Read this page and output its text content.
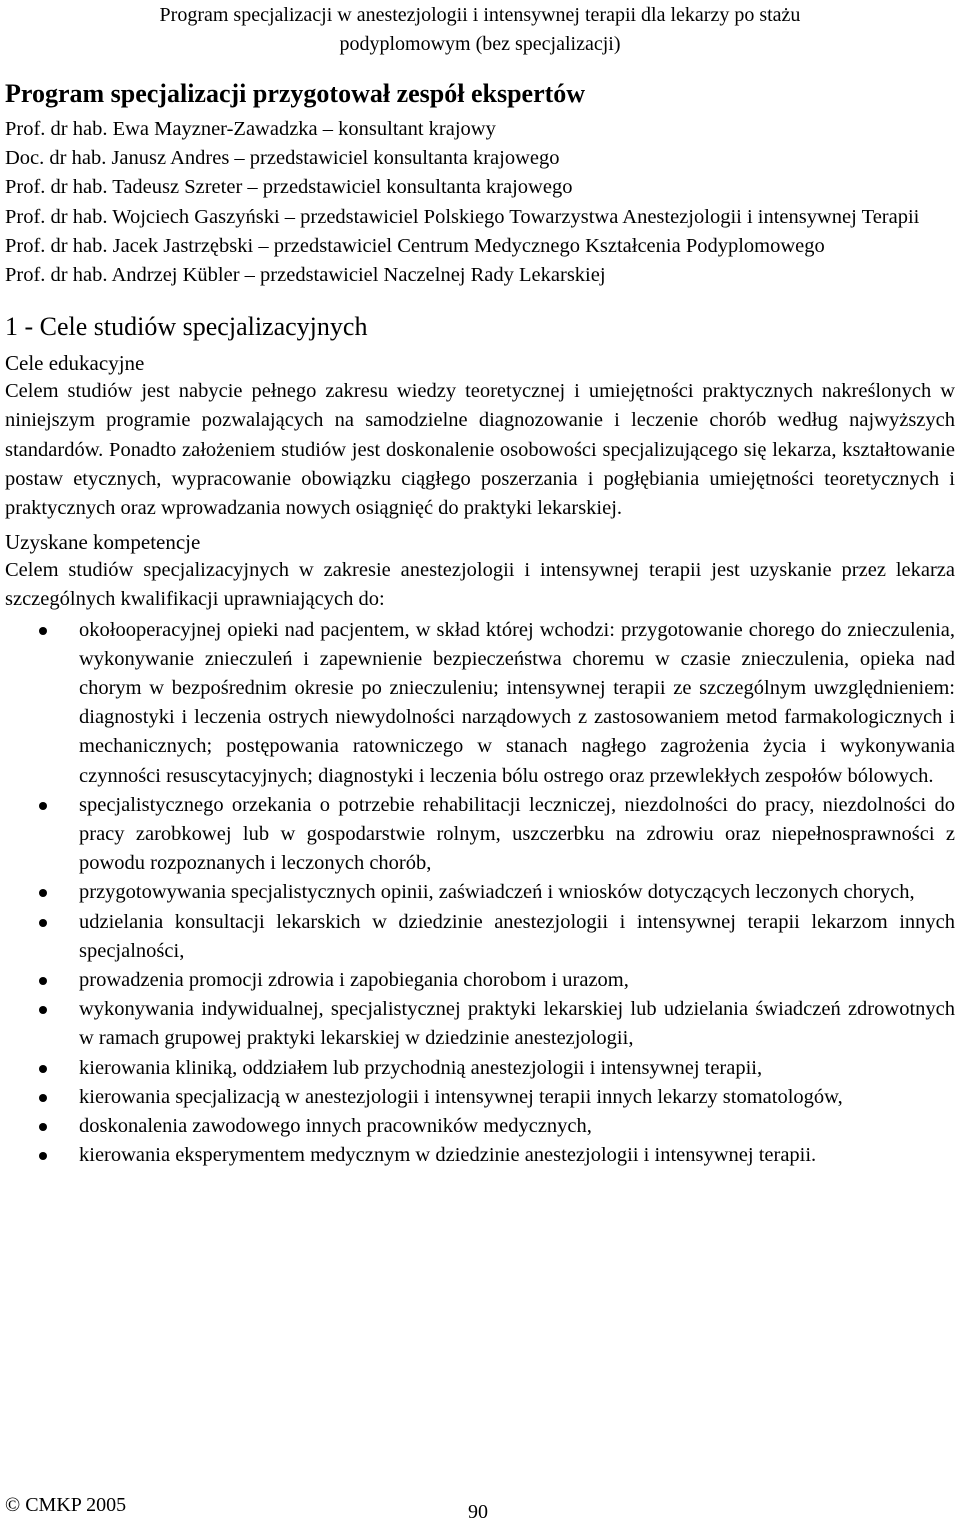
Program specjalizacji w anestezjologii i intensywnej terapii dla lekarzy po stażu
podyplomowym (bez specjalizacji)
Program specjalizacji przygotował zespół ekspertów
Prof. dr hab. Ewa Mayzner-Zawadzka – konsultant krajowy
Doc. dr hab. Janusz Andres – przedstawiciel konsultanta krajowego
Prof. dr hab. Tadeusz Szreter – przedstawiciel konsultanta krajowego
Prof. dr hab. Wojciech Gaszyński – przedstawiciel Polskiego Towarzystwa Anestezjologii i intensywnej Terapii
Prof. dr hab. Jacek Jastrzębski – przedstawiciel Centrum Medycznego Kształcenia Podyplomowego
Prof. dr hab. Andrzej Kübler – przedstawiciel Naczelnej Rady Lekarskiej
1 - Cele studiów specjalizacyjnych
Cele edukacyjne
Celem studiów jest nabycie pełnego zakresu wiedzy teoretycznej i umiejętności praktycznych nakreślonych w niniejszym programie pozwalających na samodzielne diagnozowanie i leczenie chorób według najwyższych standardów. Ponadto założeniem studiów jest doskonalenie osobowości specjalizującego się lekarza, kształtowanie postaw etycznych, wypracowanie obowiązku ciągłego poszerzania i pogłębiania umiejętności teoretycznych i praktycznych oraz wprowadzania nowych osiągnięć do praktyki lekarskiej.
Uzyskane kompetencje
Celem studiów specjalizacyjnych w zakresie anestezjologii i intensywnej terapii jest uzyskanie przez lekarza szczególnych kwalifikacji uprawniających do:
okołooperacyjnej opieki nad pacjentem, w skład której wchodzi: przygotowanie chorego do znieczulenia, wykonywanie znieczuleń i zapewnienie bezpieczeństwa choremu w czasie znieczulenia, opieka nad chorym w bezpośrednim okresie po znieczuleniu; intensywnej terapii ze szczególnym uwzględnieniem: diagnostyki i leczenia ostrych niewydolności narządowych z zastosowaniem metod farmakologicznych i mechanicznych; postępowania ratowniczego w stanach nagłego zagrożenia życia i wykonywania czynności resuscytacyjnych; diagnostyki i leczenia bólu ostrego oraz przewlekłych zespołów bólowych.
specjalistycznego orzekania o potrzebie rehabilitacji leczniczej, niezdolności do pracy, niezdolności do pracy zarobkowej lub w gospodarstwie rolnym, uszczerbku na zdrowiu oraz niepełnosprawności z powodu rozpoznanych i leczonych chorób,
przygotowywania specjalistycznych opinii, zaświadczeń i wniosków dotyczących leczonych chorych,
udzielania konsultacji lekarskich w dziedzinie anestezjologii i intensywnej terapii lekarzom innych specjalności,
prowadzenia promocji zdrowia i zapobiegania chorobom i urazom,
wykonywania indywidualnej, specjalistycznej praktyki lekarskiej lub udzielania świadczeń zdrowotnych w ramach grupowej praktyki lekarskiej w dziedzinie anestezjologii,
kierowania kliniką, oddziałem lub przychodnią anestezjologii i intensywnej terapii,
kierowania specjalizacją w anestezjologii i intensywnej terapii innych lekarzy stomatologów,
doskonalenia zawodowego innych pracowników medycznych,
kierowania eksperymentem medycznym w dziedzinie anestezjologii i intensywnej terapii.
© CMKP 2005	90
